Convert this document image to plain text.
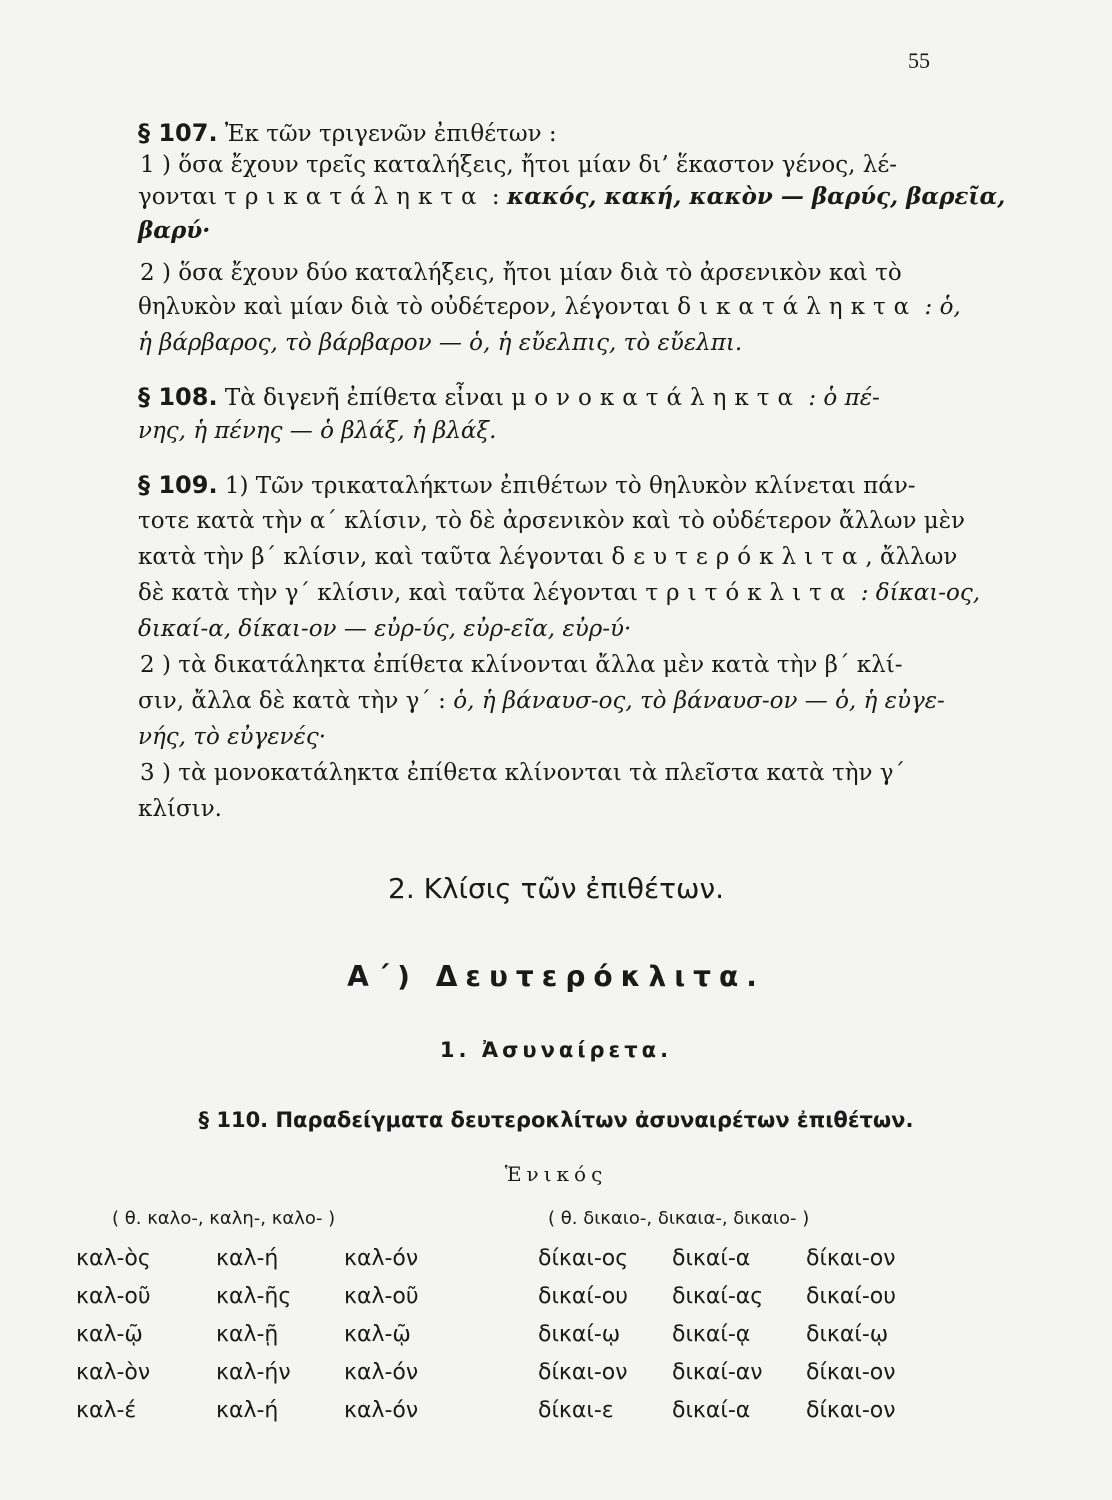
55
§ 107. Ἐκ τῶν τριγενῶν ἐπιθέτων :
1 ) ὅσα ἔχουν τρεῖς καταλήξεις, ἤτοι μίαν δι’ ἕκαστον γένος, λέ-
γονται τρικατάληκτα : κακός, κακή, κακὸν — βαρύς, βαρεῖα,
βαρύ·
2 ) ὅσα ἔχουν δύο καταλήξεις, ἤτοι μίαν διὰ τὸ ἀρσενικὸν καὶ τὸ
θηλυκὸν καὶ μίαν διὰ τὸ οὐδέτερον, λέγονται δικατάληκτα : ὁ,
ἡ βάρβαρος, τὸ βάρβαρον — ὁ, ἡ εὔελπις, τὸ εὔελπι.
§ 108. Τὰ διγενῆ ἐπίθετα εἶναι μονοκατάληκτα : ὁ πέ-
νης, ἡ πένης — ὁ βλάξ, ἡ βλάξ.
§ 109. 1) Τῶν τρικαταλήκτων ἐπιθέτων τὸ θηλυκὸν κλίνεται πάν-
τοτε κατὰ τὴν α΄ κλίσιν, τὸ δὲ ἀρσενικὸν καὶ τὸ οὐδέτερον ἄλλων μὲν
κατὰ τὴν β΄ κλίσιν, καὶ ταῦτα λέγονται δευτερόκλιτα, ἄλλων
δὲ κατὰ τὴν γ΄ κλίσιν, καὶ ταῦτα λέγονται τριτόκλιτα : δίκαι-ος,
δικαί-α, δίκαι-ον — εὐρ-ύς, εὐρ-εῖα, εὐρ-ύ·
2 ) τὰ δικατάληκτα ἐπίθετα κλίνονται ἄλλα μὲν κατὰ τὴν β΄ κλί-
σιν, ἄλλα δὲ κατὰ τὴν γ΄ : ὁ, ἡ βάναυσ-ος, τὸ βάναυσ-ον — ὁ, ἡ εὐγε-
νής, τὸ εὐγενές·
3 ) τὰ μονοκατάληκτα ἐπίθετα κλίνονται τὰ πλεῖστα κατὰ τὴν γ΄
κλίσιν.
2. Κλίσις τῶν ἐπιθέτων.
Α΄) Δευτερόκλιτα.
1. Ἀσυναίρετα.
§ 110. Παραδείγματα δευτεροκλίτων ἀσυναιρέτων ἐπιθέτων.
Ἑνικός
( θ. καλο-, καλη-, καλο- )	( θ. δικαιο-, δικαια-, δικαιο- )
καλ-ὸς
καλ-οῦ
καλ-ῷ
καλ-ὸν
καλ-έ
καλ-ή
καλ-ῆς
καλ-ῇ
καλ-ήν
καλ-ή
καλ-όν
καλ-οῦ
καλ-ῷ
καλ-όν
καλ-όν
δίκαι-ος
δικαί-ου
δικαί-ῳ
δίκαι-ον
δίκαι-ε
δικαί-α
δικαί-ας
δικαί-ᾳ
δικαί-αν
δικαί-α
δίκαι-ον
δικαί-ου
δικαί-ῳ
δίκαι-ον
δίκαι-ον
